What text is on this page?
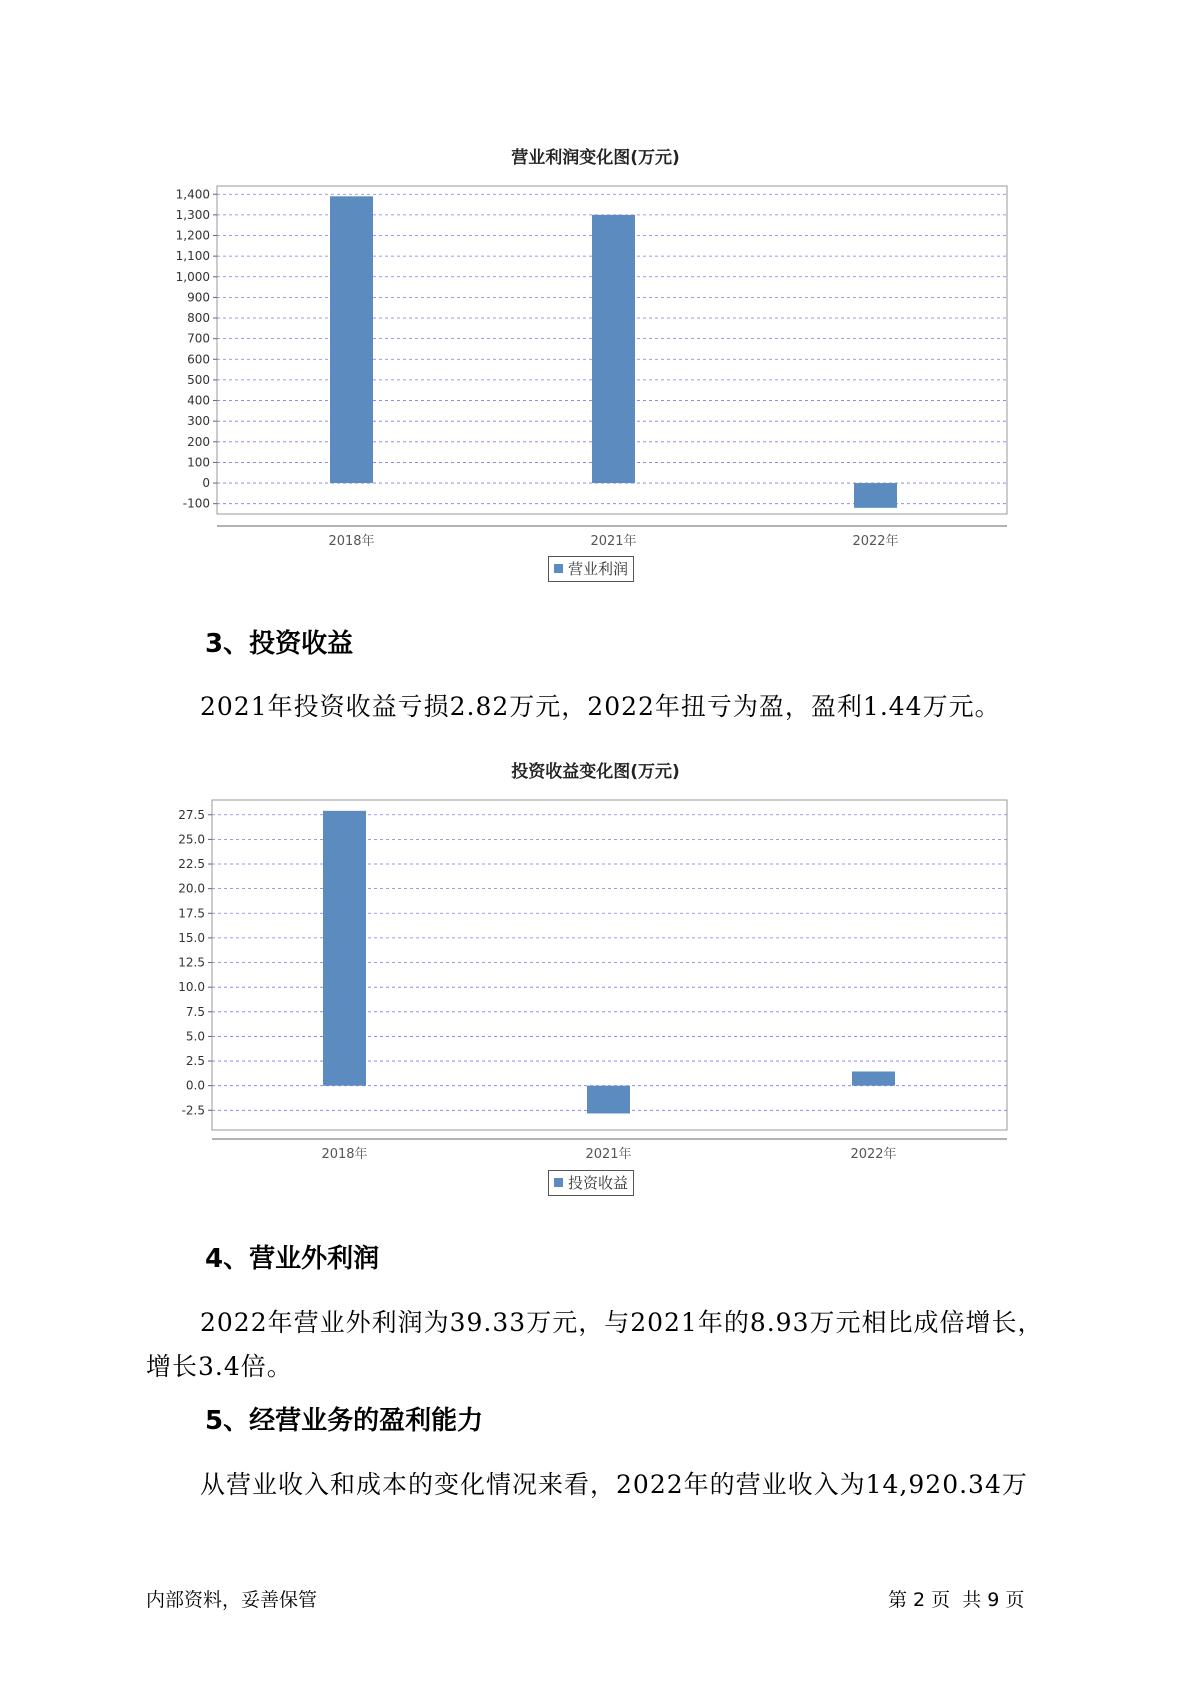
营业利润变化图(万元)
1,400
1,300
1,200
1,100
1,000
900
800
700
600
500
400
300
200
100
0
-100
2018年	2021年	2022年
营业利润
3、投资收益
2021年投资收益亏损2.82万元，2022年扭亏为盈，盈利1.44万元。
投资收益变化图(万元)
27.5
25.0
22.5
20.0
17.5
15.0
12.5
10.0
7.5
5.0
2.5
0.0
-2.5
2018年	2021年	2022年
投资收益
4、营业外利润
2022年营业外利润为39.33万元，与2021年的8.93万元相比成倍增长，
增长3.4倍。
5、经营业务的盈利能力
从营业收入和成本的变化情况来看，2022年的营业收入为14,920.34万
内部资料，妥善保管	第 2 页  共 9 页
